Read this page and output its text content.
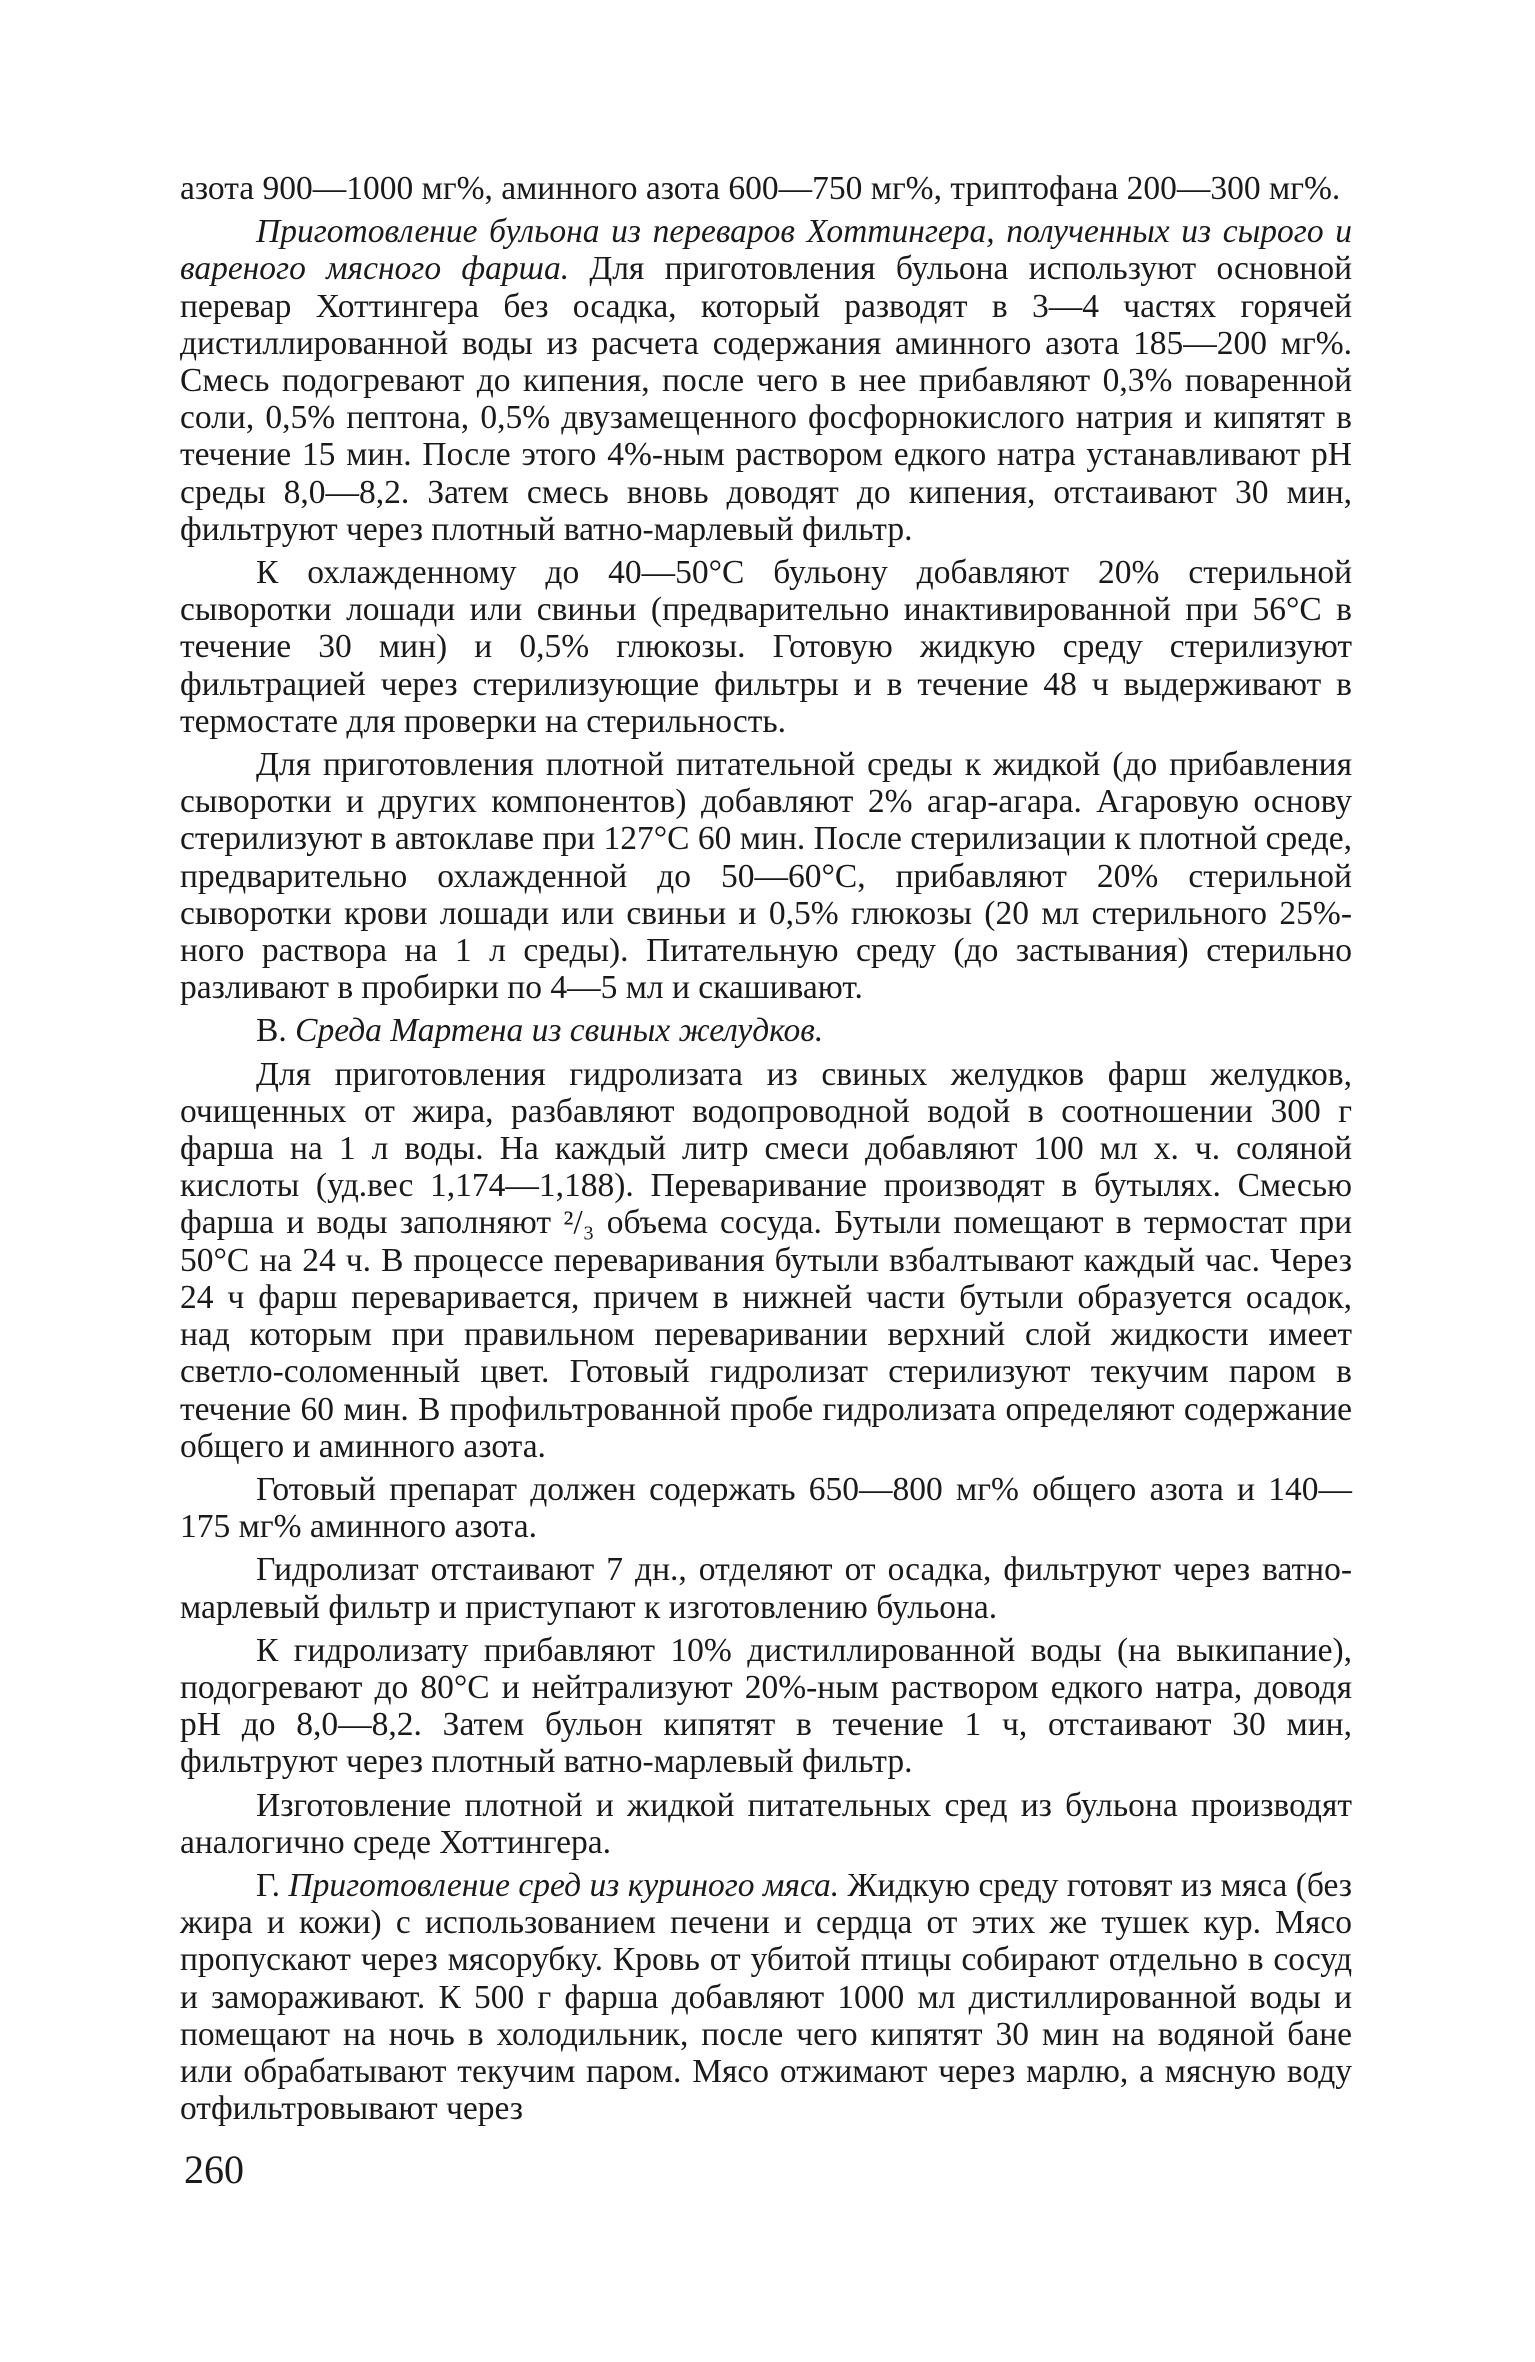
азота 900—1000 мг%, аминного азота 600—750 мг%, триптофана 200—300 мг%.

Приготовление бульона из переваров Хоттингера, полученных из сырого и вареного мясного фарша. Для приготовления бульона используют основной перевар Хоттингера без осадка, который разводят в 3—4 частях горячей дистиллированной воды из расчета содержания аминного азота 185—200 мг%. Смесь подогревают до кипения, после чего в нее прибавляют 0,3% поваренной соли, 0,5% пептона, 0,5% двузамещенного фосфорнокислого натрия и кипятят в течение 15 мин. После этого 4%-ным раствором едкого натра устанавливают pH среды 8,0—8,2. Затем смесь вновь доводят до кипения, отстаивают 30 мин, фильтруют через плотный ватно-марлевый фильтр.

К охлажденному до 40—50°C бульону добавляют 20% стерильной сыворотки лошади или свиньи (предварительно инактивированной при 56°C в течение 30 мин) и 0,5% глюкозы. Готовую жидкую среду стерилизуют фильтрацией через стерилизующие фильтры и в течение 48 ч выдерживают в термостате для проверки на стерильность.

Для приготовления плотной питательной среды к жидкой (до прибавления сыворотки и других компонентов) добавляют 2% агар-агара. Агаровую основу стерилизуют в автоклаве при 127°C 60 мин. После стерилизации к плотной среде, предварительно охлажденной до 50—60°C, прибавляют 20% стерильной сыворотки крови лошади или свиньи и 0,5% глюкозы (20 мл стерильного 25%-ного раствора на 1 л среды). Питательную среду (до застывания) стерильно разливают в пробирки по 4—5 мл и скашивают.

В. Среда Мартена из свиных желудков.

Для приготовления гидролизата из свиных желудков фарш желудков, очищенных от жира, разбавляют водопроводной водой в соотношении 300 г фарша на 1 л воды. На каждый литр смеси добавляют 100 мл х. ч. соляной кислоты (уд.вес 1,174—1,188). Переваривание производят в бутылях. Смесью фарша и воды заполняют ²/₃ объема сосуда. Бутыли помещают в термостат при 50°C на 24 ч. В процессе переваривания бутыли взбалтывают каждый час. Через 24 ч фарш переваривается, причем в нижней части бутыли образуется осадок, над которым при правильном переваривании верхний слой жидкости имеет светло-соломенный цвет. Готовый гидролизат стерилизуют текучим паром в течение 60 мин. В профильтрованной пробе гидролизата определяют содержание общего и аминного азота.

Готовый препарат должен содержать 650—800 мг% общего азота и 140—175 мг% аминного азота.

Гидролизат отстаивают 7 дн., отделяют от осадка, фильтруют через ватно-марлевый фильтр и приступают к изготовлению бульона.

К гидролизату прибавляют 10% дистиллированной воды (на выкипание), подогревают до 80°C и нейтрализуют 20%-ным раствором едкого натра, доводя pH до 8,0—8,2. Затем бульон кипятят в течение 1 ч, отстаивают 30 мин, фильтруют через плотный ватно-марлевый фильтр.

Изготовление плотной и жидкой питательных сред из бульона производят аналогично среде Хоттингера.

Г. Приготовление сред из куриного мяса. Жидкую среду готовят из мяса (без жира и кожи) с использованием печени и сердца от этих же тушек кур. Мясо пропускают через мясорубку. Кровь от убитой птицы собирают отдельно в сосуд и замораживают. К 500 г фарша добавляют 1000 мл дистиллированной воды и помещают на ночь в холодильник, после чего кипятят 30 мин на водяной бане или обрабатывают текучим паром. Мясо отжимают через марлю, а мясную воду отфильтровывают через

260
